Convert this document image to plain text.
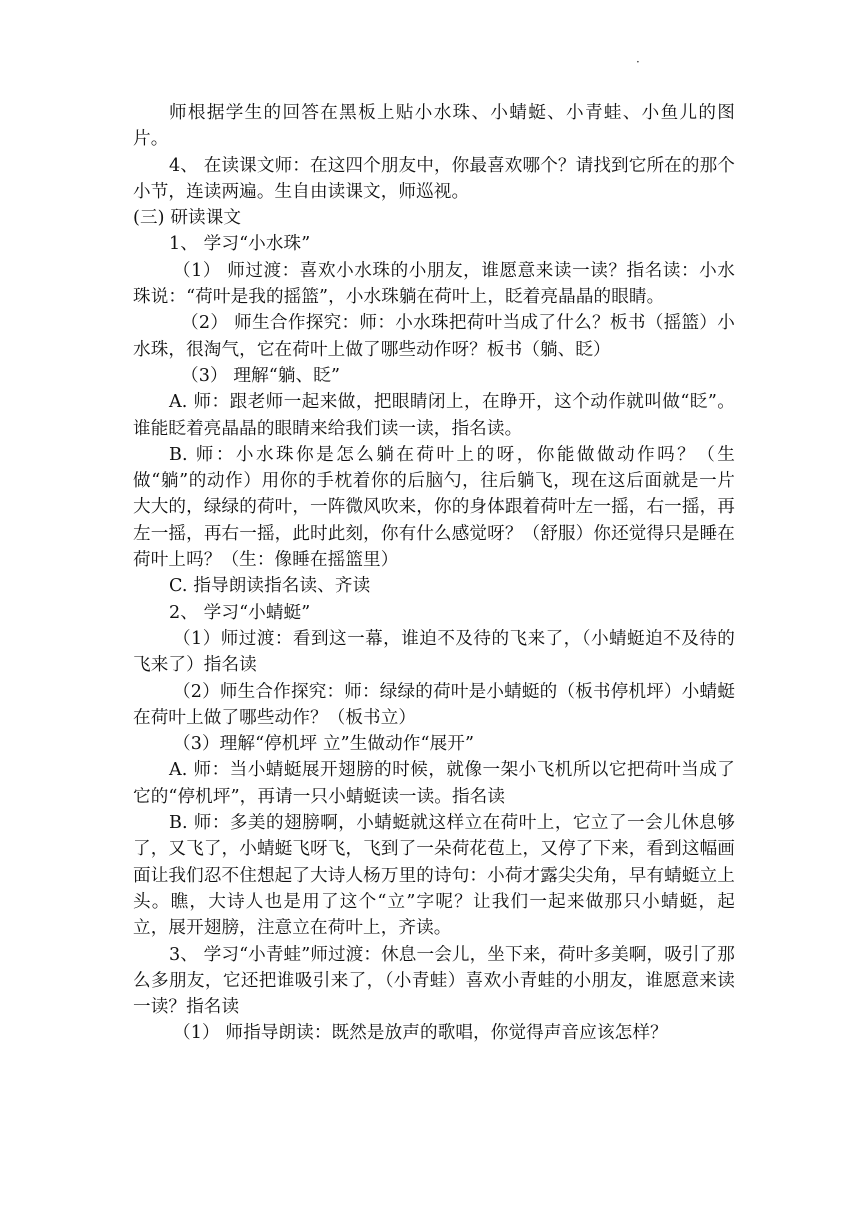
·

师根据学生的回答在黑板上贴小水珠、小蜻蜓、小青蛙、小鱼儿的图片。

4、 在读课文师：在这四个朋友中，你最喜欢哪个？请找到它所在的那个小节，连读两遍。生自由读课文，师巡视。

(三) 研读课文

1、 学习“小水珠”

（1） 师过渡：喜欢小水珠的小朋友，谁愿意来读一读？指名读：小水珠说：“荷叶是我的摇篮”，小水珠躺在荷叶上，眨着亮晶晶的眼睛。

（2） 师生合作探究：师：小水珠把荷叶当成了什么？板书（摇篮）小水珠，很淘气，它在荷叶上做了哪些动作呀？板书（躺、眨）

（3） 理解“躺、眨”

A. 师：跟老师一起来做，把眼睛闭上，在睁开，这个动作就叫做“眨”。谁能眨着亮晶晶的眼睛来给我们读一读，指名读。

B. 师：小水珠你是怎么躺在荷叶上的呀，你能做做动作吗？（生做“躺”的动作）用你的手枕着你的后脑勺，往后躺飞，现在这后面就是一片大大的，绿绿的荷叶，一阵微风吹来，你的身体跟着荷叶左一摇，右一摇，再左一摇，再右一摇，此时此刻，你有什么感觉呀？（舒服）你还觉得只是睡在荷叶上吗？（生：像睡在摇篮里）

C. 指导朗读指名读、齐读

2、 学习“小蜻蜓”

（1）师过渡：看到这一幕，谁迫不及待的飞来了，（小蜻蜓迫不及待的飞来了）指名读

（2）师生合作探究：师：绿绿的荷叶是小蜻蜓的（板书停机坪）小蜻蜓在荷叶上做了哪些动作？（板书立）

（3）理解“停机坪 立”生做动作“展开”

A. 师：当小蜻蜓展开翅膀的时候，就像一架小飞机所以它把荷叶当成了它的“停机坪”，再请一只小蜻蜓读一读。指名读

B. 师：多美的翅膀啊，小蜻蜓就这样立在荷叶上，它立了一会儿休息够了，又飞了，小蜻蜓飞呀飞，飞到了一朵荷花苞上，又停了下来，看到这幅画面让我们忍不住想起了大诗人杨万里的诗句：小荷才露尖尖角，早有蜻蜓立上头。瞧，大诗人也是用了这个“立”字呢？让我们一起来做那只小蜻蜓，起立，展开翅膀，注意立在荷叶上，齐读。

3、 学习“小青蛙”师过渡：休息一会儿，坐下来，荷叶多美啊，吸引了那么多朋友，它还把谁吸引来了，（小青蛙）喜欢小青蛙的小朋友，谁愿意来读一读？指名读

（1） 师指导朗读：既然是放声的歌唱，你觉得声音应该怎样？
